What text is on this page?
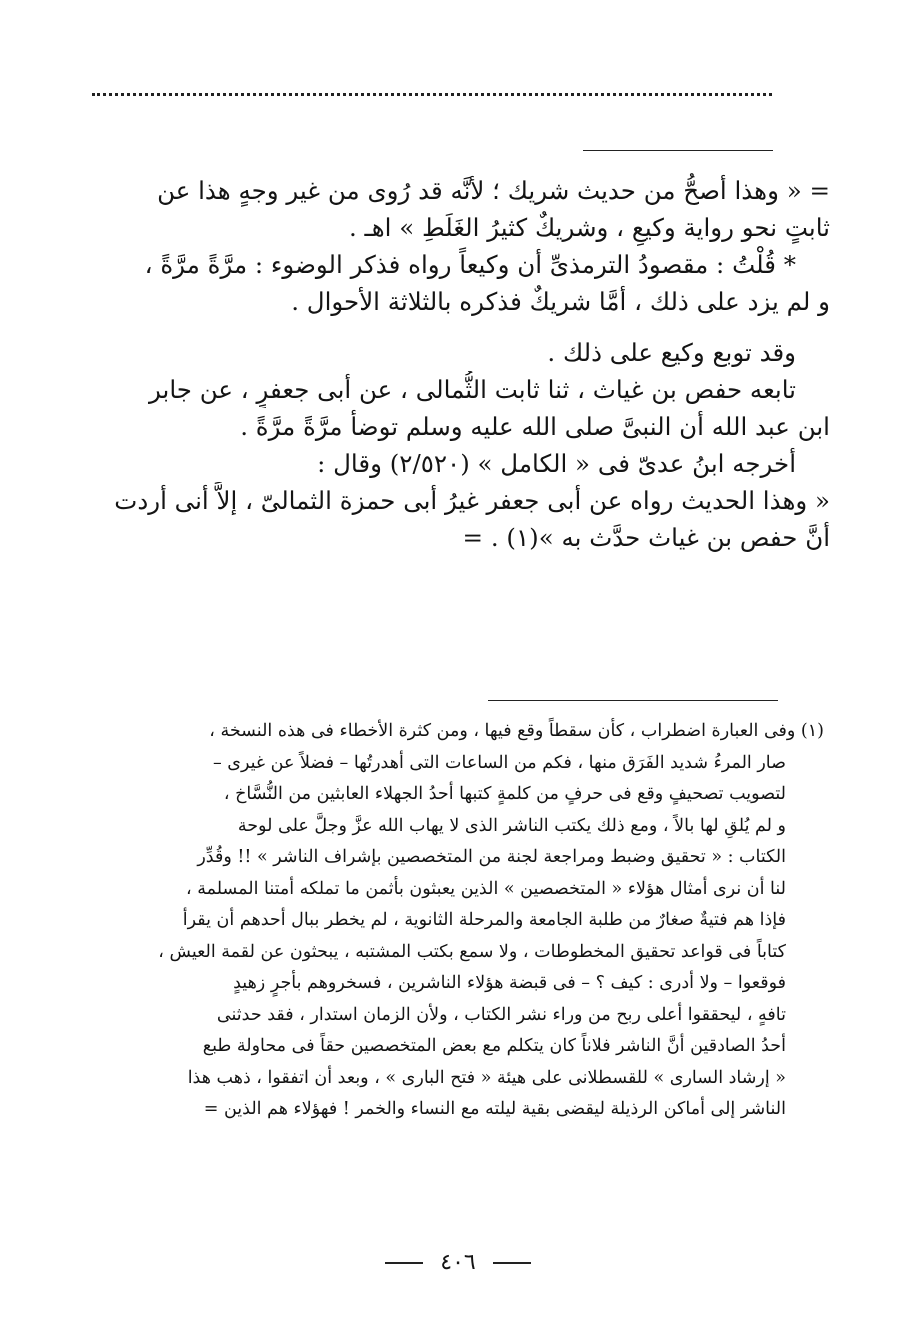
= « وهذا أصحُّ من حديث شريك ؛ لأنَّه قد رُوى من غير وجهٍ هذا عن
ثابتٍ نحو رواية وكيعٍ ، وشريكٌ كثيرُ الغَلَطِ » اهـ .
* قُلْتُ : مقصودُ الترمذىِّ أن وكيعاً رواه فذكر الوضوء : مرَّةً مرَّةً ،
و لم يزد على ذلك ، أمَّا شريكٌ فذكره بالثلاثة الأحوال .
وقد توبع وكيع على ذلك .
تابعه حفص بن غياث ، ثنا ثابت الثُّمالى ، عن أبى جعفرٍ ، عن جابر
ابن عبد الله أن النبىَّ صلى الله عليه وسلم توضأ مرَّةً مرَّةً .
أخرجه ابنُ عدىّ فى « الكامل » (٢/٥٢٠) وقال :
« وهذا الحديث رواه عن أبى جعفر غيرُ أبى حمزة الثمالىّ ، إلاَّ أنى أردت
أنَّ حفص بن غياث حدَّث به »(١) . =
(١) وفى العبارة اضطراب ، كأن سقطاً وقع فيها ، ومن كثرة الأخطاء فى هذه النسخة ،
صار المرءُ شديد الفَرَق منها ، فكم من الساعات التى أهدرتُها – فضلاً عن غيرى –
لتصويب تصحيفٍ وقع فى حرفٍ من كلمةٍ كتبها أحدُ الجهلاء العابثين من النُّسَّاخ ،
و لم يُلقِ لها بالاً ، ومع ذلك يكتب الناشر الذى لا يهاب الله عزَّ وجلَّ على لوحة
الكتاب : « تحقيق وضبط ومراجعة لجنة من المتخصصين بإشراف الناشر » !! وقُدِّر
لنا أن نرى أمثال هؤلاء « المتخصصين » الذين يعبثون بأثمن ما تملكه أمتنا المسلمة ،
فإذا هم فتيةٌ صغارٌ من طلبة الجامعة والمرحلة الثانوية ، لم يخطر ببال أحدهم أن يقرأ
كتاباً فى قواعد تحقيق المخطوطات ، ولا سمع بكتب المشتبه ، يبحثون عن لقمة العيش ،
فوقعوا – ولا أدرى : كيف ؟ – فى قبضة هؤلاء الناشرين ، فسخروهم بأجرٍ زهيدٍ
تافهٍ ، ليحققوا أعلى ربح من وراء نشر الكتاب ، ولأن الزمان استدار ، فقد حدثنى
أحدُ الصادقين أنَّ الناشر فلاناً كان يتكلم مع بعض المتخصصين حقاً فى محاولة طبع
« إرشاد السارى » للقسطلانى على هيئة « فتح البارى » ، وبعد أن اتفقوا ، ذهب هذا
الناشر إلى أماكن الرذيلة ليقضى بقية ليلته مع النساء والخمر ! فهؤلاء هم الذين =
٤٠٦
